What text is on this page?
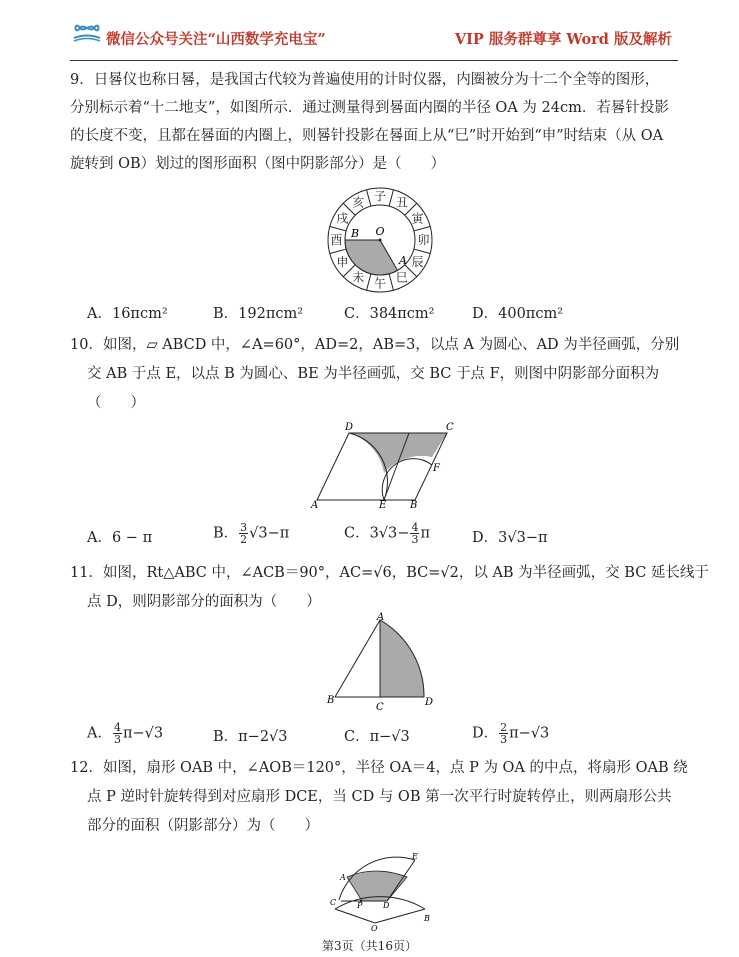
微信公众号关注“山西数学充电宝”	VIP 服务群尊享 Word 版及解析
9．日晷仪也称日晷，是我国古代较为普遍使用的计时仪器，内圈被分为十二个全等的图形，
分别标示着“十二地支”，如图所示．通过测量得到晷面内圈的半径 OA 为 24cm．若晷针投影
的长度不变，且都在晷面的内圈上，则晷针投影在晷面上从“巳”时开始到“申”时结束（从 OA
旋转到 OB）划过的图形面积（图中阴影部分）是（　　）
子 丑
寅
卯
辰
巳
午
未
申
酉
戌
亥
O
B
A
A．16πcm²	B．192πcm²	C．384πcm²	D．400πcm²
10．如图，▱ ABCD 中，∠A=60°，AD=2，AB=3，以点 A 为圆心、AD 为半径画弧，分别
交 AB 于点 E，以点 B 为圆心、BE 为半径画弧，交 BC 于点 F，则图中阴影部分面积为
（　　）
A	E B
D	C
F
A．6 − π	B． $\frac{3}{2} √3-\pi$	C．$3√3- \frac{4}{3}$ π	D．3√3−π
11．如图，Rt△ABC 中，∠ACB＝90°，AC=√6，BC=√2，以 AB 为半径画弧，交 BC 延长线于
点 D，则阴影部分的面积为（　　）
A
B
C	D
A． $\frac{4}{3} \pi-√3$	B．π−2√3	C．π−√3	D． $\frac{2}{3} \pi-√3$
12．如图，扇形 OAB 中，∠AOB＝120°，半径 OA＝4，点 P 为 OA 的中点，将扇形 OAB 绕
点 P 逆时针旋转得到对应扇形 DCE，当 CD 与 OB 第一次平行时旋转停止，则两扇形公共
部分的面积（阴影部分）为（　　）
E
A
C	P	D
O
B
第3页（共16页）
